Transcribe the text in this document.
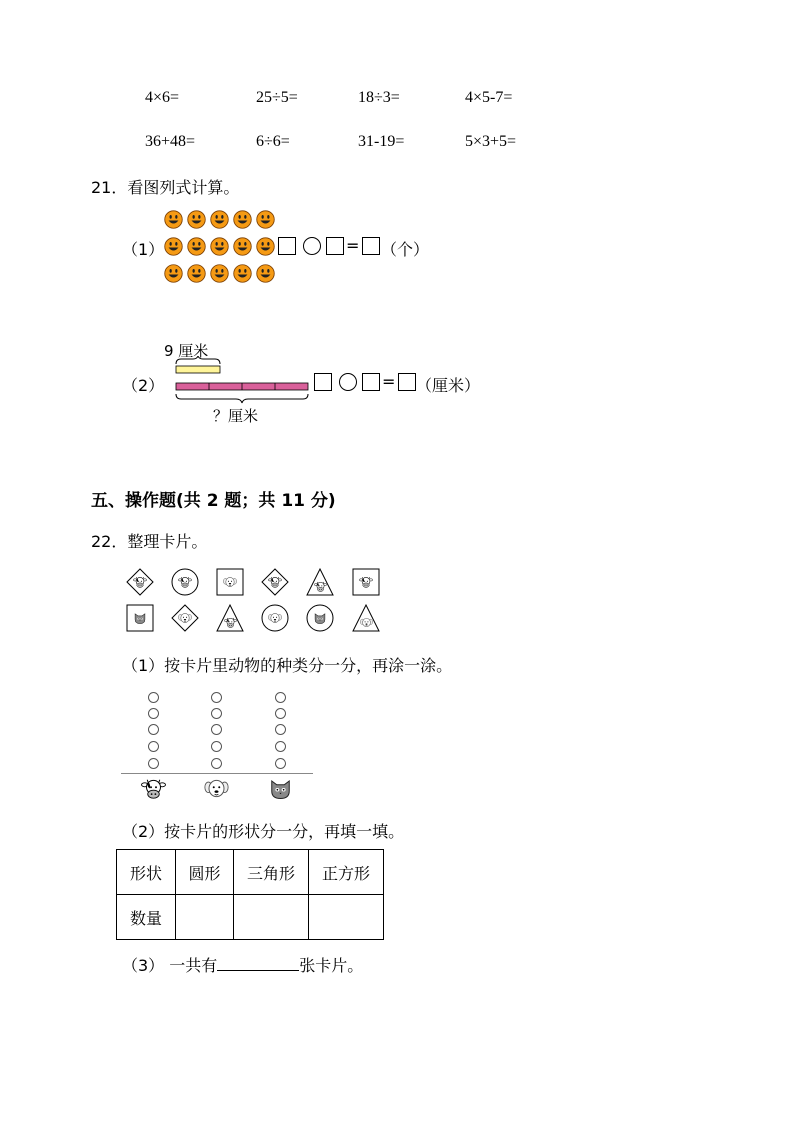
4×6=	25÷5=	18÷3=	4×5-7=
36+48=	6÷6=	31-19=	5×3+5=
21．看图列式计算。
（1）	= （个）
9 厘米
？厘米
（2）	= （厘米）
五、操作题(共 2 题；共 11 分)
22．整理卡片。
（1）按卡片里动物的种类分一分，再涂一涂。
（2）按卡片的形状分一分，再填一填。
形状	圆形	三角形	正方形
数量			
（3） 一共有	张卡片。
